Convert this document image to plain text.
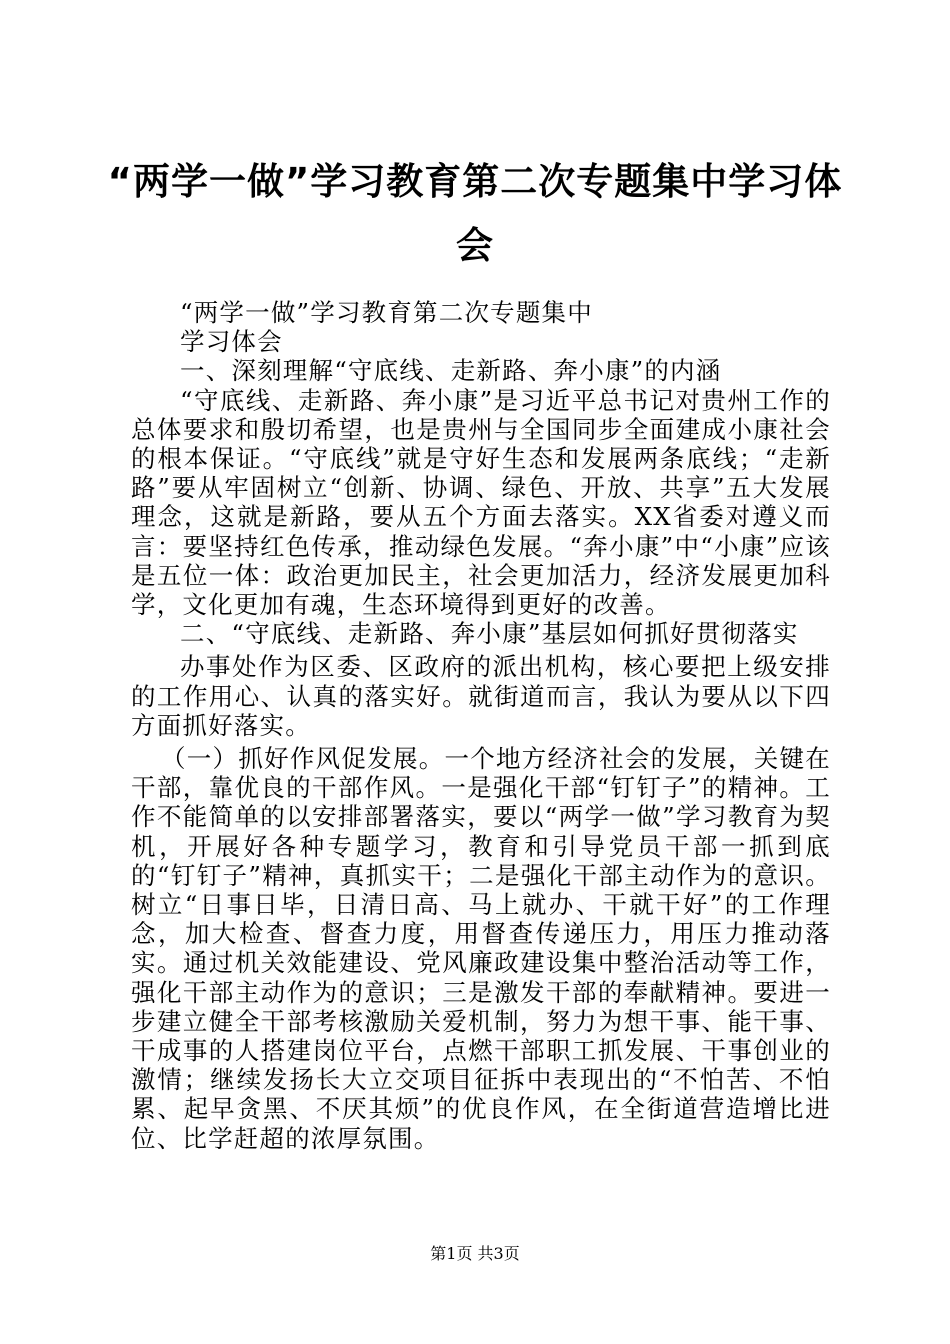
“两学一做”学习教育第二次专题集中学习体会

“两学一做”学习教育第二次专题集中

学习体会

一、深刻理解“守底线、走新路、奔小康”的内涵

“守底线、走新路、奔小康”是习近平总书记对贵州工作的总体要求和殷切希望，也是贵州与全国同步全面建成小康社会的根本保证。“守底线”就是守好生态和发展两条底线；“走新路”要从牢固树立“创新、协调、绿色、开放、共享”五大发展理念，这就是新路，要从五个方面去落实。XX省委对遵义而言：要坚持红色传承，推动绿色发展。“奔小康”中“小康”应该是五位一体：政治更加民主，社会更加活力，经济发展更加科学，文化更加有魂，生态环境得到更好的改善。

二、“守底线、走新路、奔小康”基层如何抓好贯彻落实

办事处作为区委、区政府的派出机构，核心要把上级安排的工作用心、认真的落实好。就街道而言，我认为要从以下四方面抓好落实。

（一）抓好作风促发展。一个地方经济社会的发展，关键在干部，靠优良的干部作风。一是强化干部“钉钉子”的精神。工作不能简单的以安排部署落实，要以“两学一做”学习教育为契机，开展好各种专题学习，教育和引导党员干部一抓到底的“钉钉子”精神，真抓实干；二是强化干部主动作为的意识。树立“日事日毕，日清日高、马上就办、干就干好”的工作理念，加大检查、督查力度，用督查传递压力，用压力推动落实。通过机关效能建设、党风廉政建设集中整治活动等工作，强化干部主动作为的意识；三是激发干部的奉献精神。要进一步建立健全干部考核激励关爱机制，努力为想干事、能干事、干成事的人搭建岗位平台，点燃干部职工抓发展、干事创业的激情；继续发扬长大立交项目征拆中表现出的“不怕苦、不怕累、起早贪黑、不厌其烦”的优良作风，在全街道营造增比进位、比学赶超的浓厚氛围。

第1页 共3页
